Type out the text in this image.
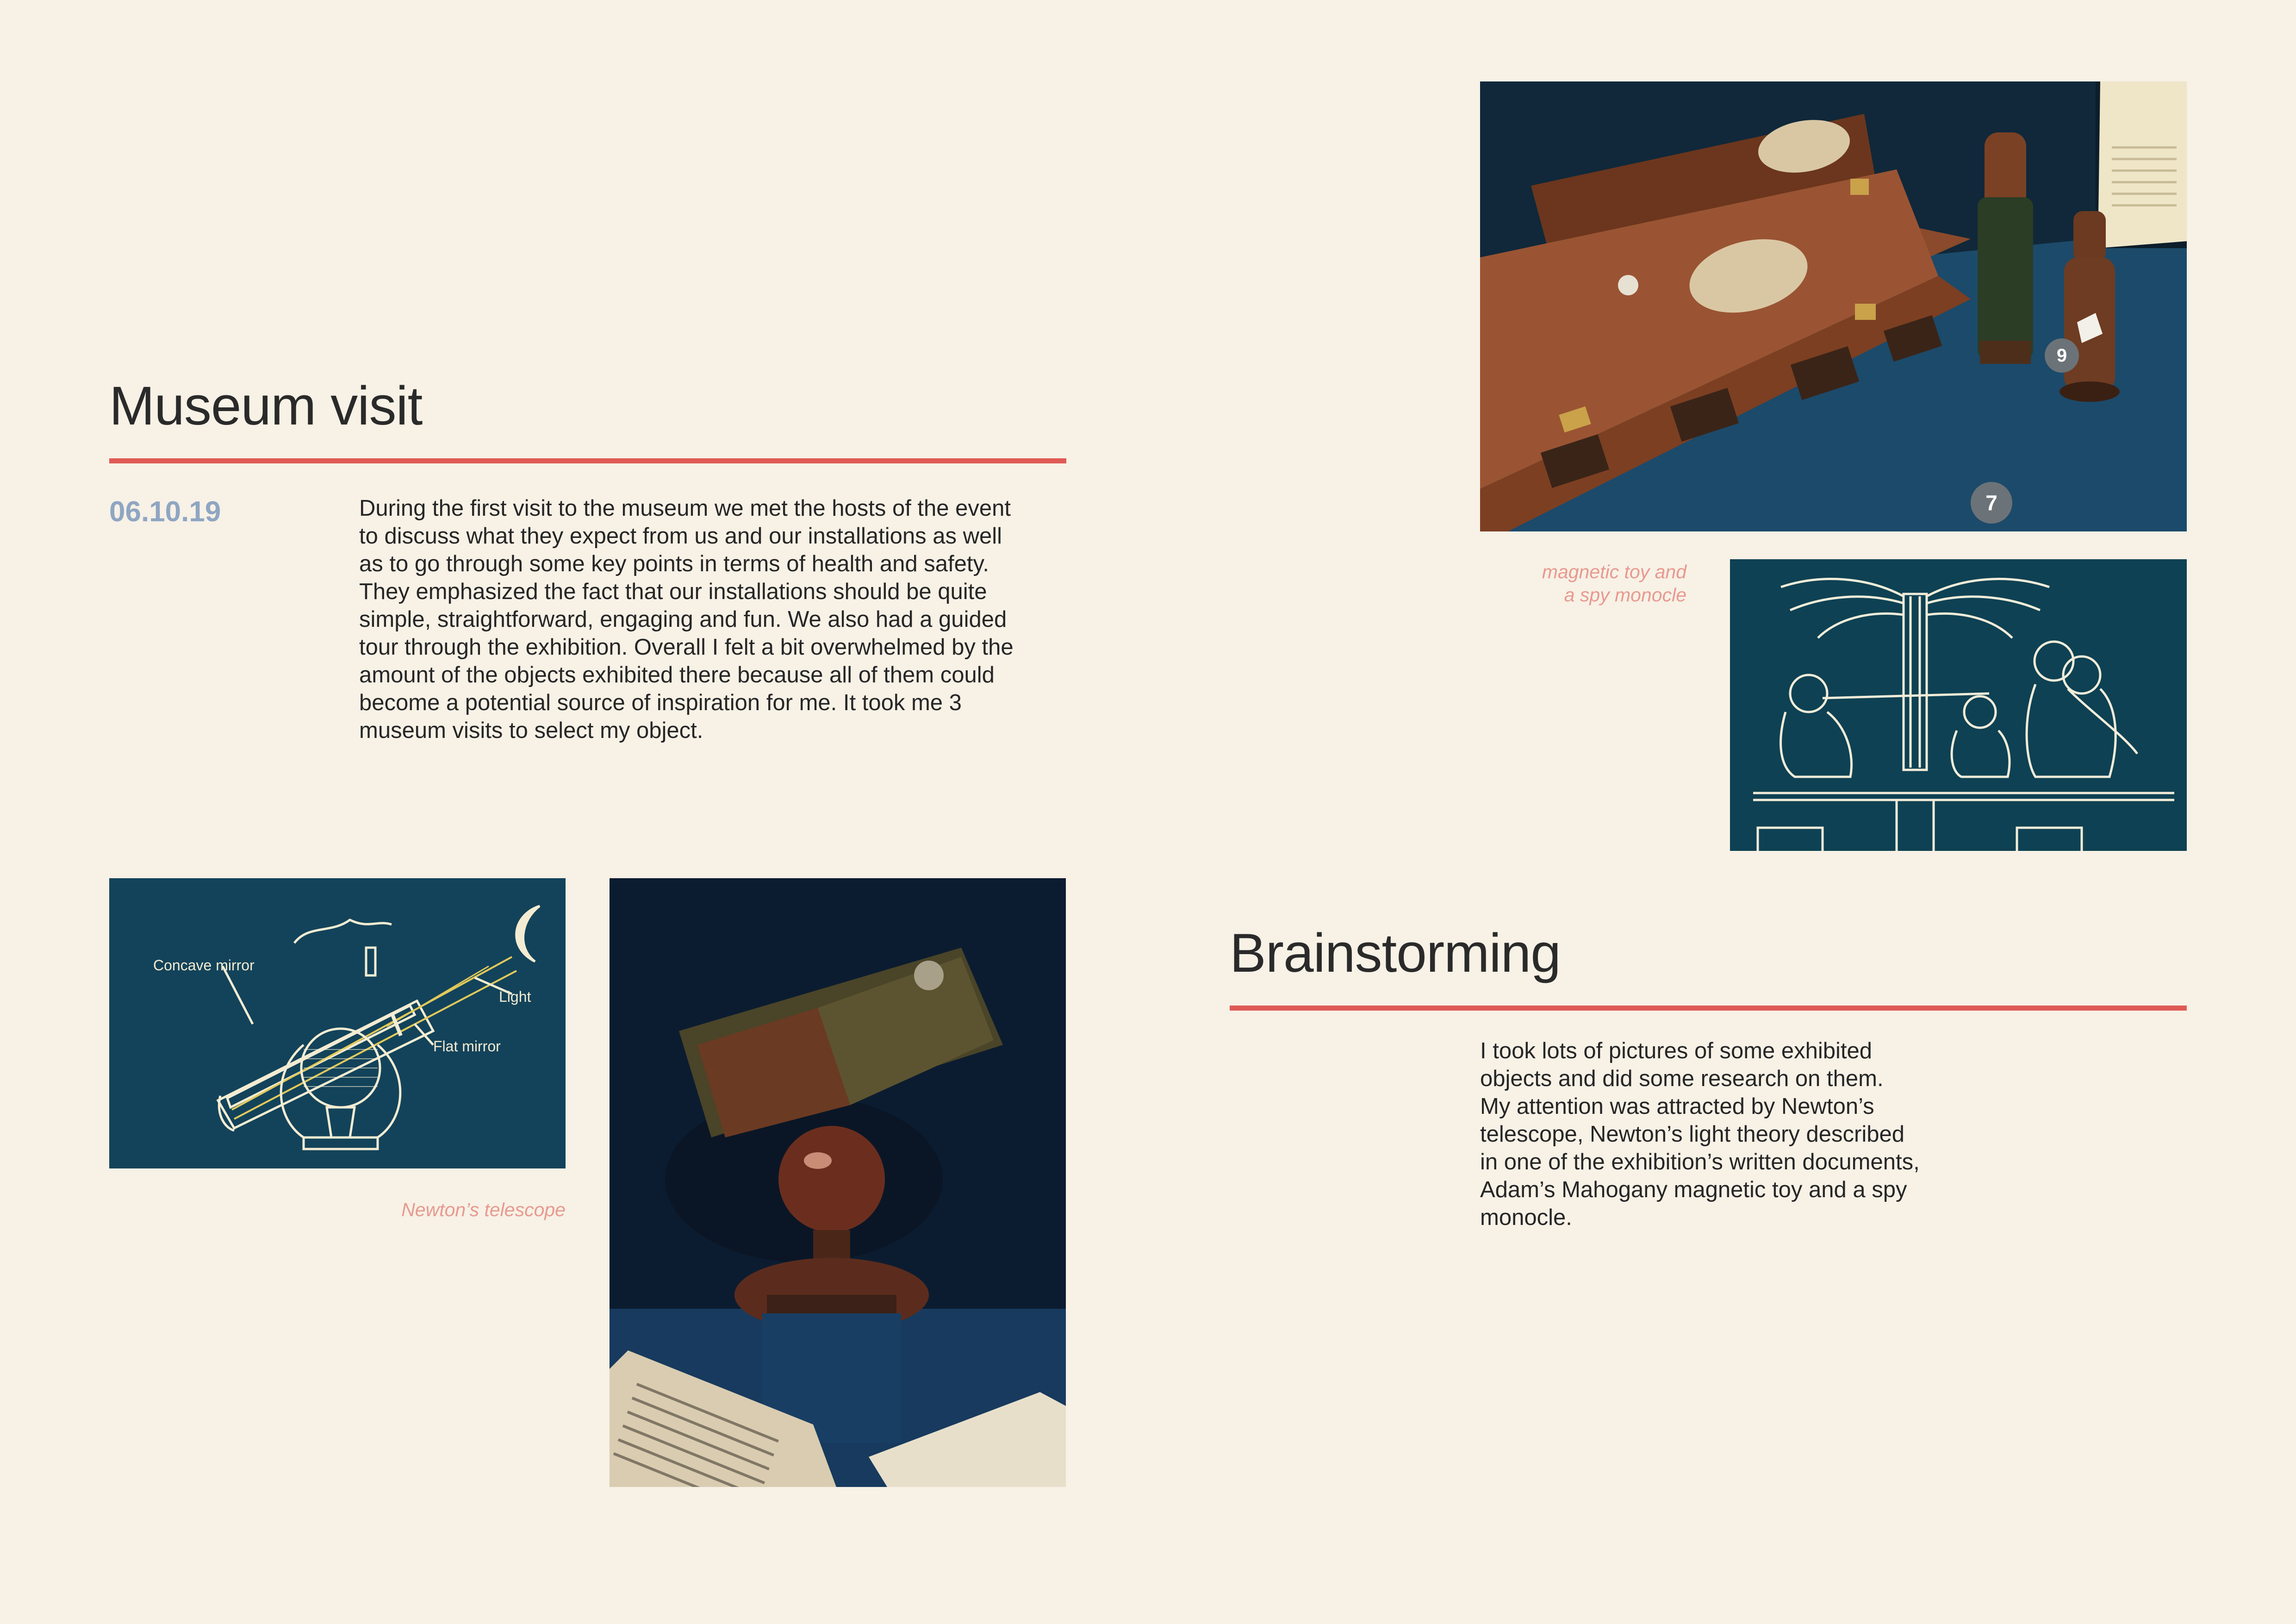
Museum visit
06.10.19	During the first visit to the museum we met the hosts of the event

to discuss what they expect from us and our installations as well

as to go through some key points in terms of health and safety.

They emphasized the fact that our installations should be quite

simple, straightforward, engaging and fun. We also had a guided

tour through the exhibition. Overall I felt a bit overwhelmed by the

amount of the objects exhibited there because all of them could

become a potential source of inspiration for me. It took me 3

museum visits to select my object.

9
7
magnetic toy and
a spy monocle
Concave mirror
Light
Flat mirror
Newton’s telescope
Brainstorming

I took lots of pictures of some exhibited

objects and did some research on them.

My attention was attracted by Newton’s

telescope, Newton’s light theory described

in one of the exhibition’s written documents,

Adam’s Mahogany magnetic toy and a spy

monocle.
